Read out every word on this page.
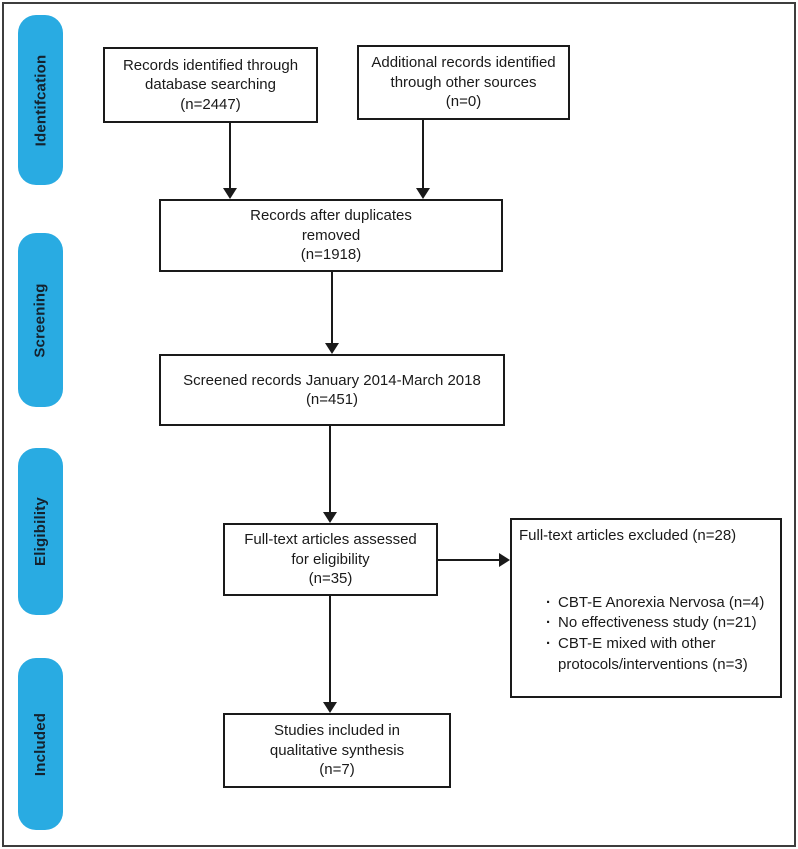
Identifcation
Screening
Eligibility
Included
Records identified through
database searching
(n=2447)
Additional records identified
through other sources
(n=0)
Records after duplicates
removed
(n=1918)
Screened records January 2014-March 2018
(n=451)
Full-text articles assessed
for eligibility
(n=35)
Full-text articles excluded (n=28)
· CBT-E Anorexia Nervosa (n=4)
· No effectiveness study (n=21)
· CBT-E mixed with other protocols/interventions (n=3)
Studies included in
qualitative synthesis
(n=7)
